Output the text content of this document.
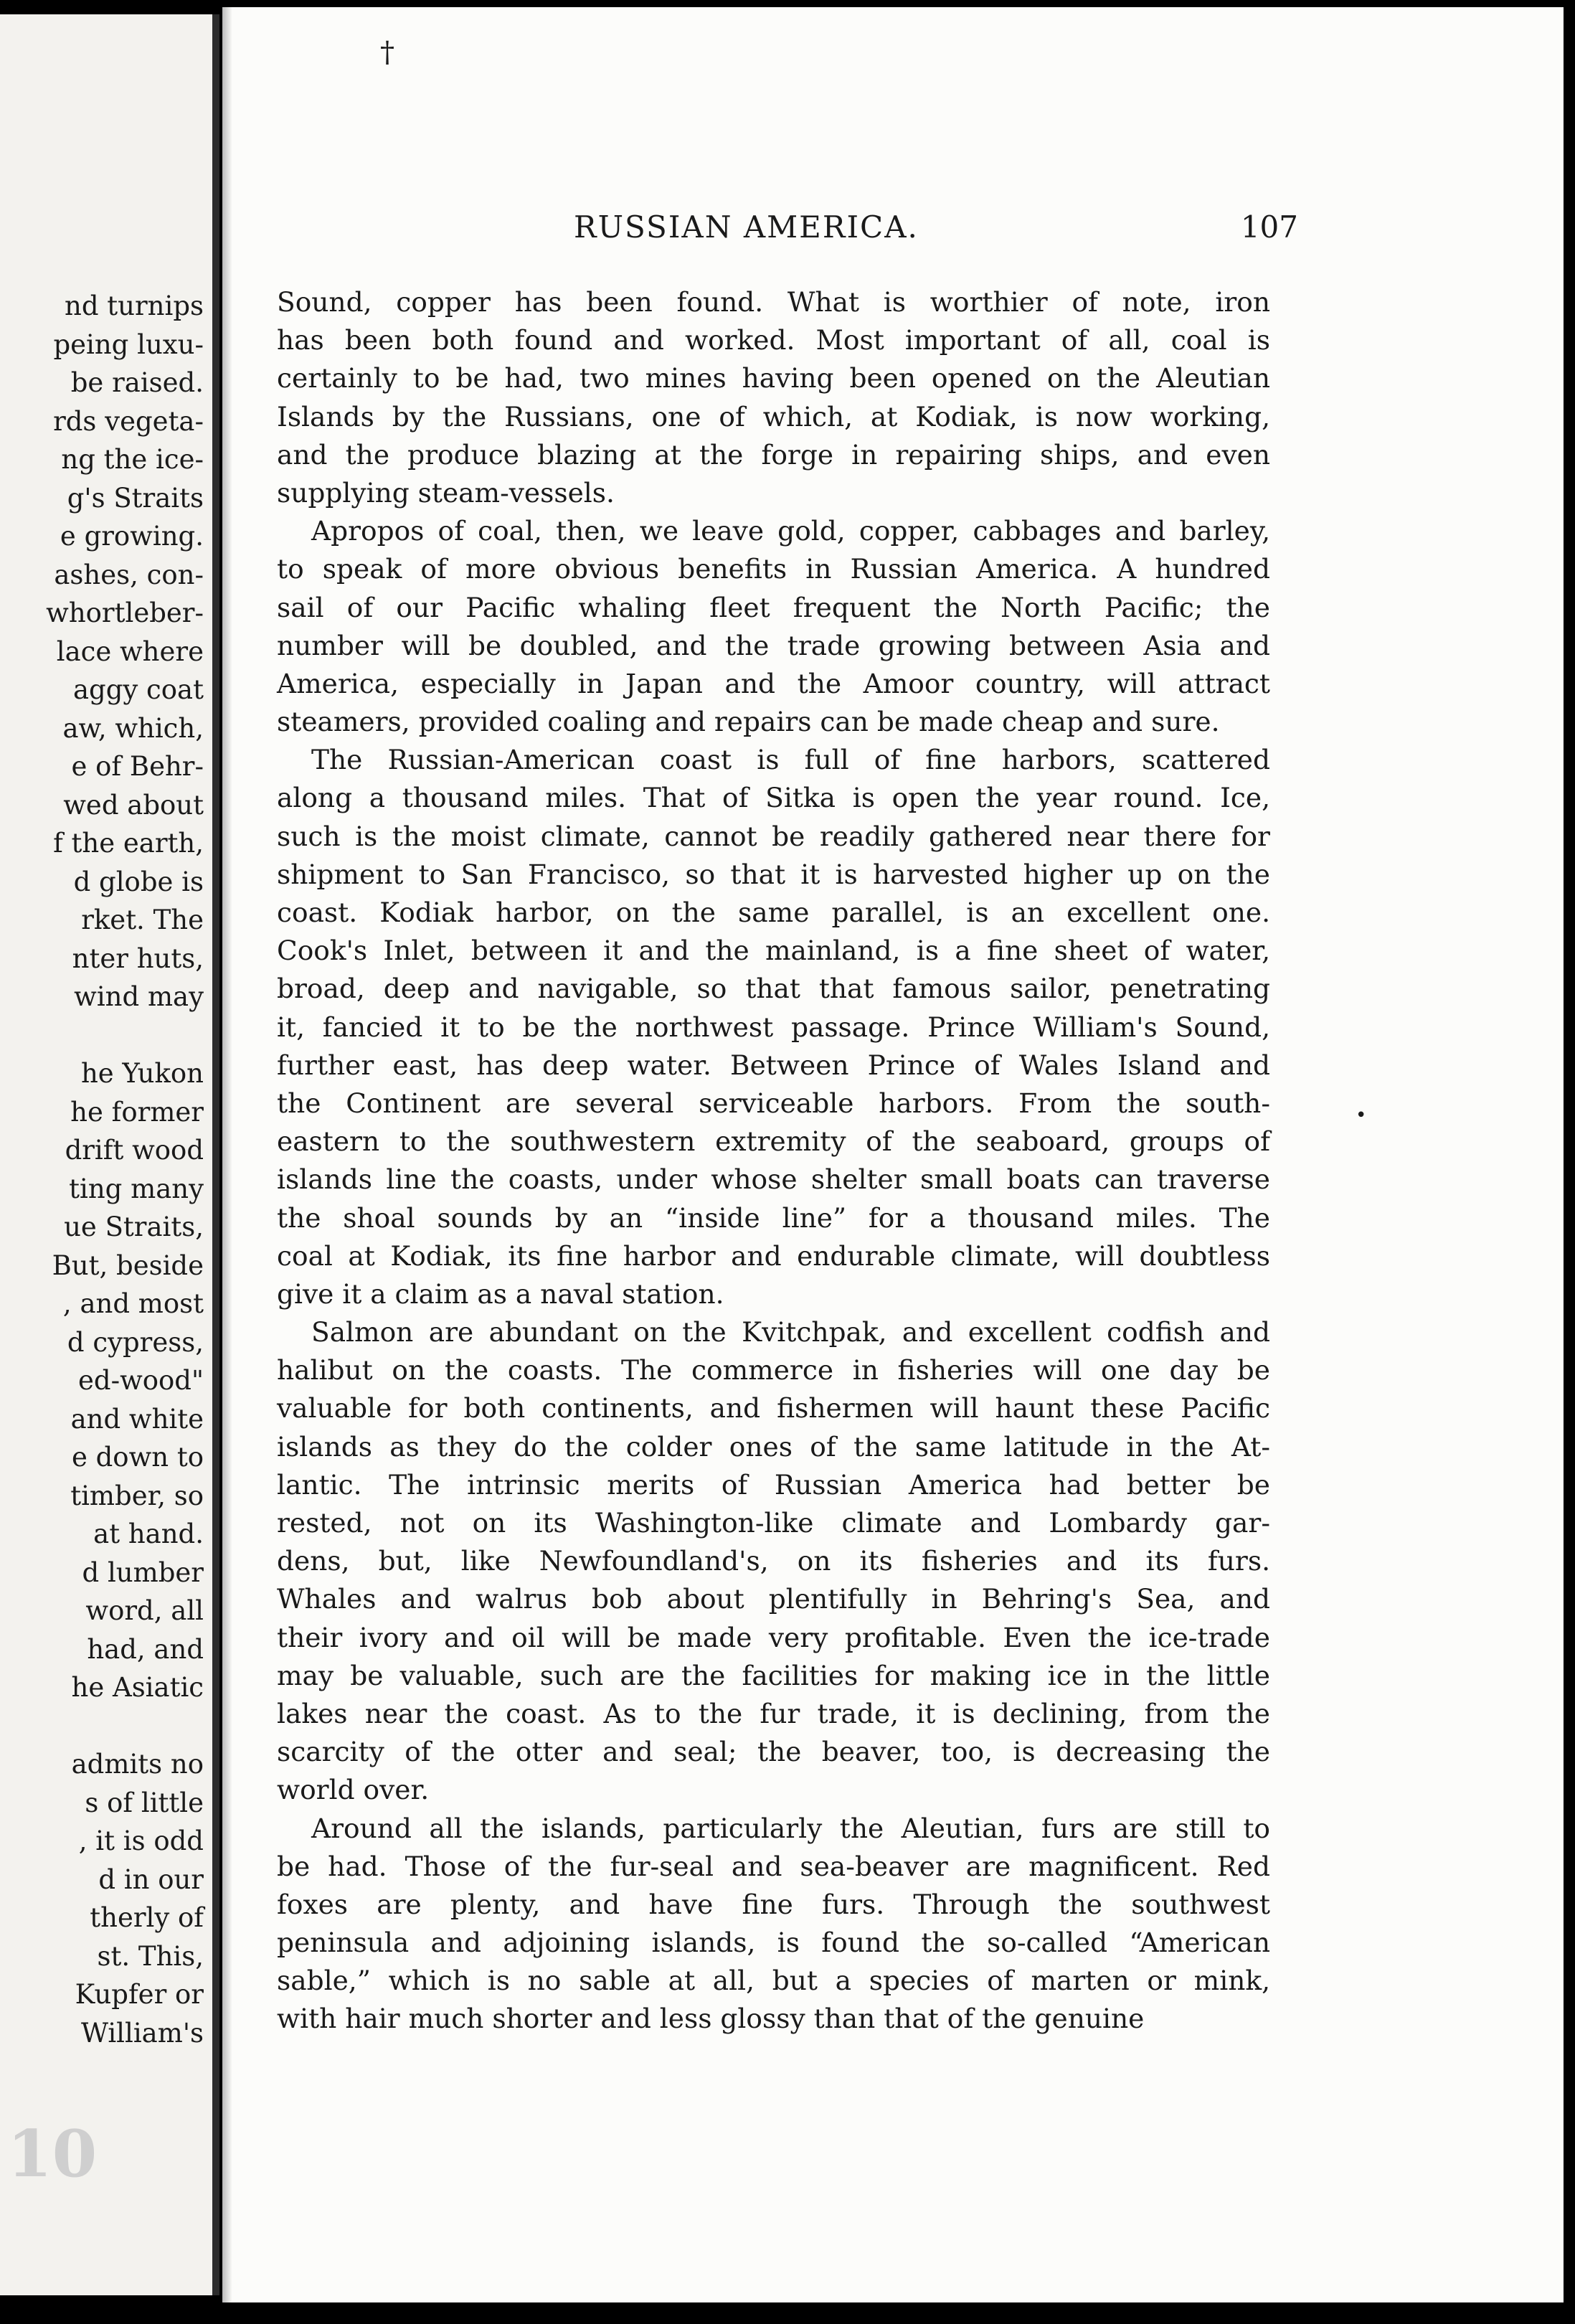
nd turnips
peing luxu-
be raised.
rds vegeta-
ng the ice-
g's Straits
e growing.
ashes, con-
whortleber-
lace where
aggy coat
aw, which,
e of Behr-
wed about
f the earth,
d globe is
rket. The
nter huts,
wind may
he Yukon
he former
drift wood
ting many
ue Straits,
But, beside
, and most
d cypress,
ed-wood"
and white
e down to
timber, so
at hand.
d lumber
word, all
had, and
he Asiatic
admits no
s of little
, it is odd
d in our
therly of
st. This,
Kupfer or
William's
10
†
RUSSIAN AMERICA.	107
Sound, copper has been found. What is worthier of note, iron
has been both found and worked. Most important of all, coal is
certainly to be had, two mines having been opened on the Aleutian
Islands by the Russians, one of which, at Kodiak, is now working,
and the produce blazing at the forge in repairing ships, and even
supplying steam-vessels.
Apropos of coal, then, we leave gold, copper, cabbages and barley,
to speak of more obvious benefits in Russian America. A hundred
sail of our Pacific whaling fleet frequent the North Pacific; the
number will be doubled, and the trade growing between Asia and
America, especially in Japan and the Amoor country, will attract
steamers, provided coaling and repairs can be made cheap and sure.
The Russian-American coast is full of fine harbors, scattered
along a thousand miles. That of Sitka is open the year round. Ice,
such is the moist climate, cannot be readily gathered near there for
shipment to San Francisco, so that it is harvested higher up on the
coast. Kodiak harbor, on the same parallel, is an excellent one.
Cook's Inlet, between it and the mainland, is a fine sheet of water,
broad, deep and navigable, so that that famous sailor, penetrating
it, fancied it to be the northwest passage. Prince William's Sound,
further east, has deep water. Between Prince of Wales Island and
the Continent are several serviceable harbors. From the south-
eastern to the southwestern extremity of the seaboard, groups of
islands line the coasts, under whose shelter small boats can traverse
the shoal sounds by an “inside line” for a thousand miles. The
coal at Kodiak, its fine harbor and endurable climate, will doubtless
give it a claim as a naval station.
Salmon are abundant on the Kvitchpak, and excellent codfish and
halibut on the coasts. The commerce in fisheries will one day be
valuable for both continents, and fishermen will haunt these Pacific
islands as they do the colder ones of the same latitude in the At-
lantic. The intrinsic merits of Russian America had better be
rested, not on its Washington-like climate and Lombardy gar-
dens, but, like Newfoundland's, on its fisheries and its furs.
Whales and walrus bob about plentifully in Behring's Sea, and
their ivory and oil will be made very profitable. Even the ice-trade
may be valuable, such are the facilities for making ice in the little
lakes near the coast. As to the fur trade, it is declining, from the
scarcity of the otter and seal; the beaver, too, is decreasing the
world over.
Around all the islands, particularly the Aleutian, furs are still to
be had. Those of the fur-seal and sea-beaver are magnificent. Red
foxes are plenty, and have fine furs. Through the southwest
peninsula and adjoining islands, is found the so-called “American
sable,” which is no sable at all, but a species of marten or mink,
with hair much shorter and less glossy than that of the genuine
•
